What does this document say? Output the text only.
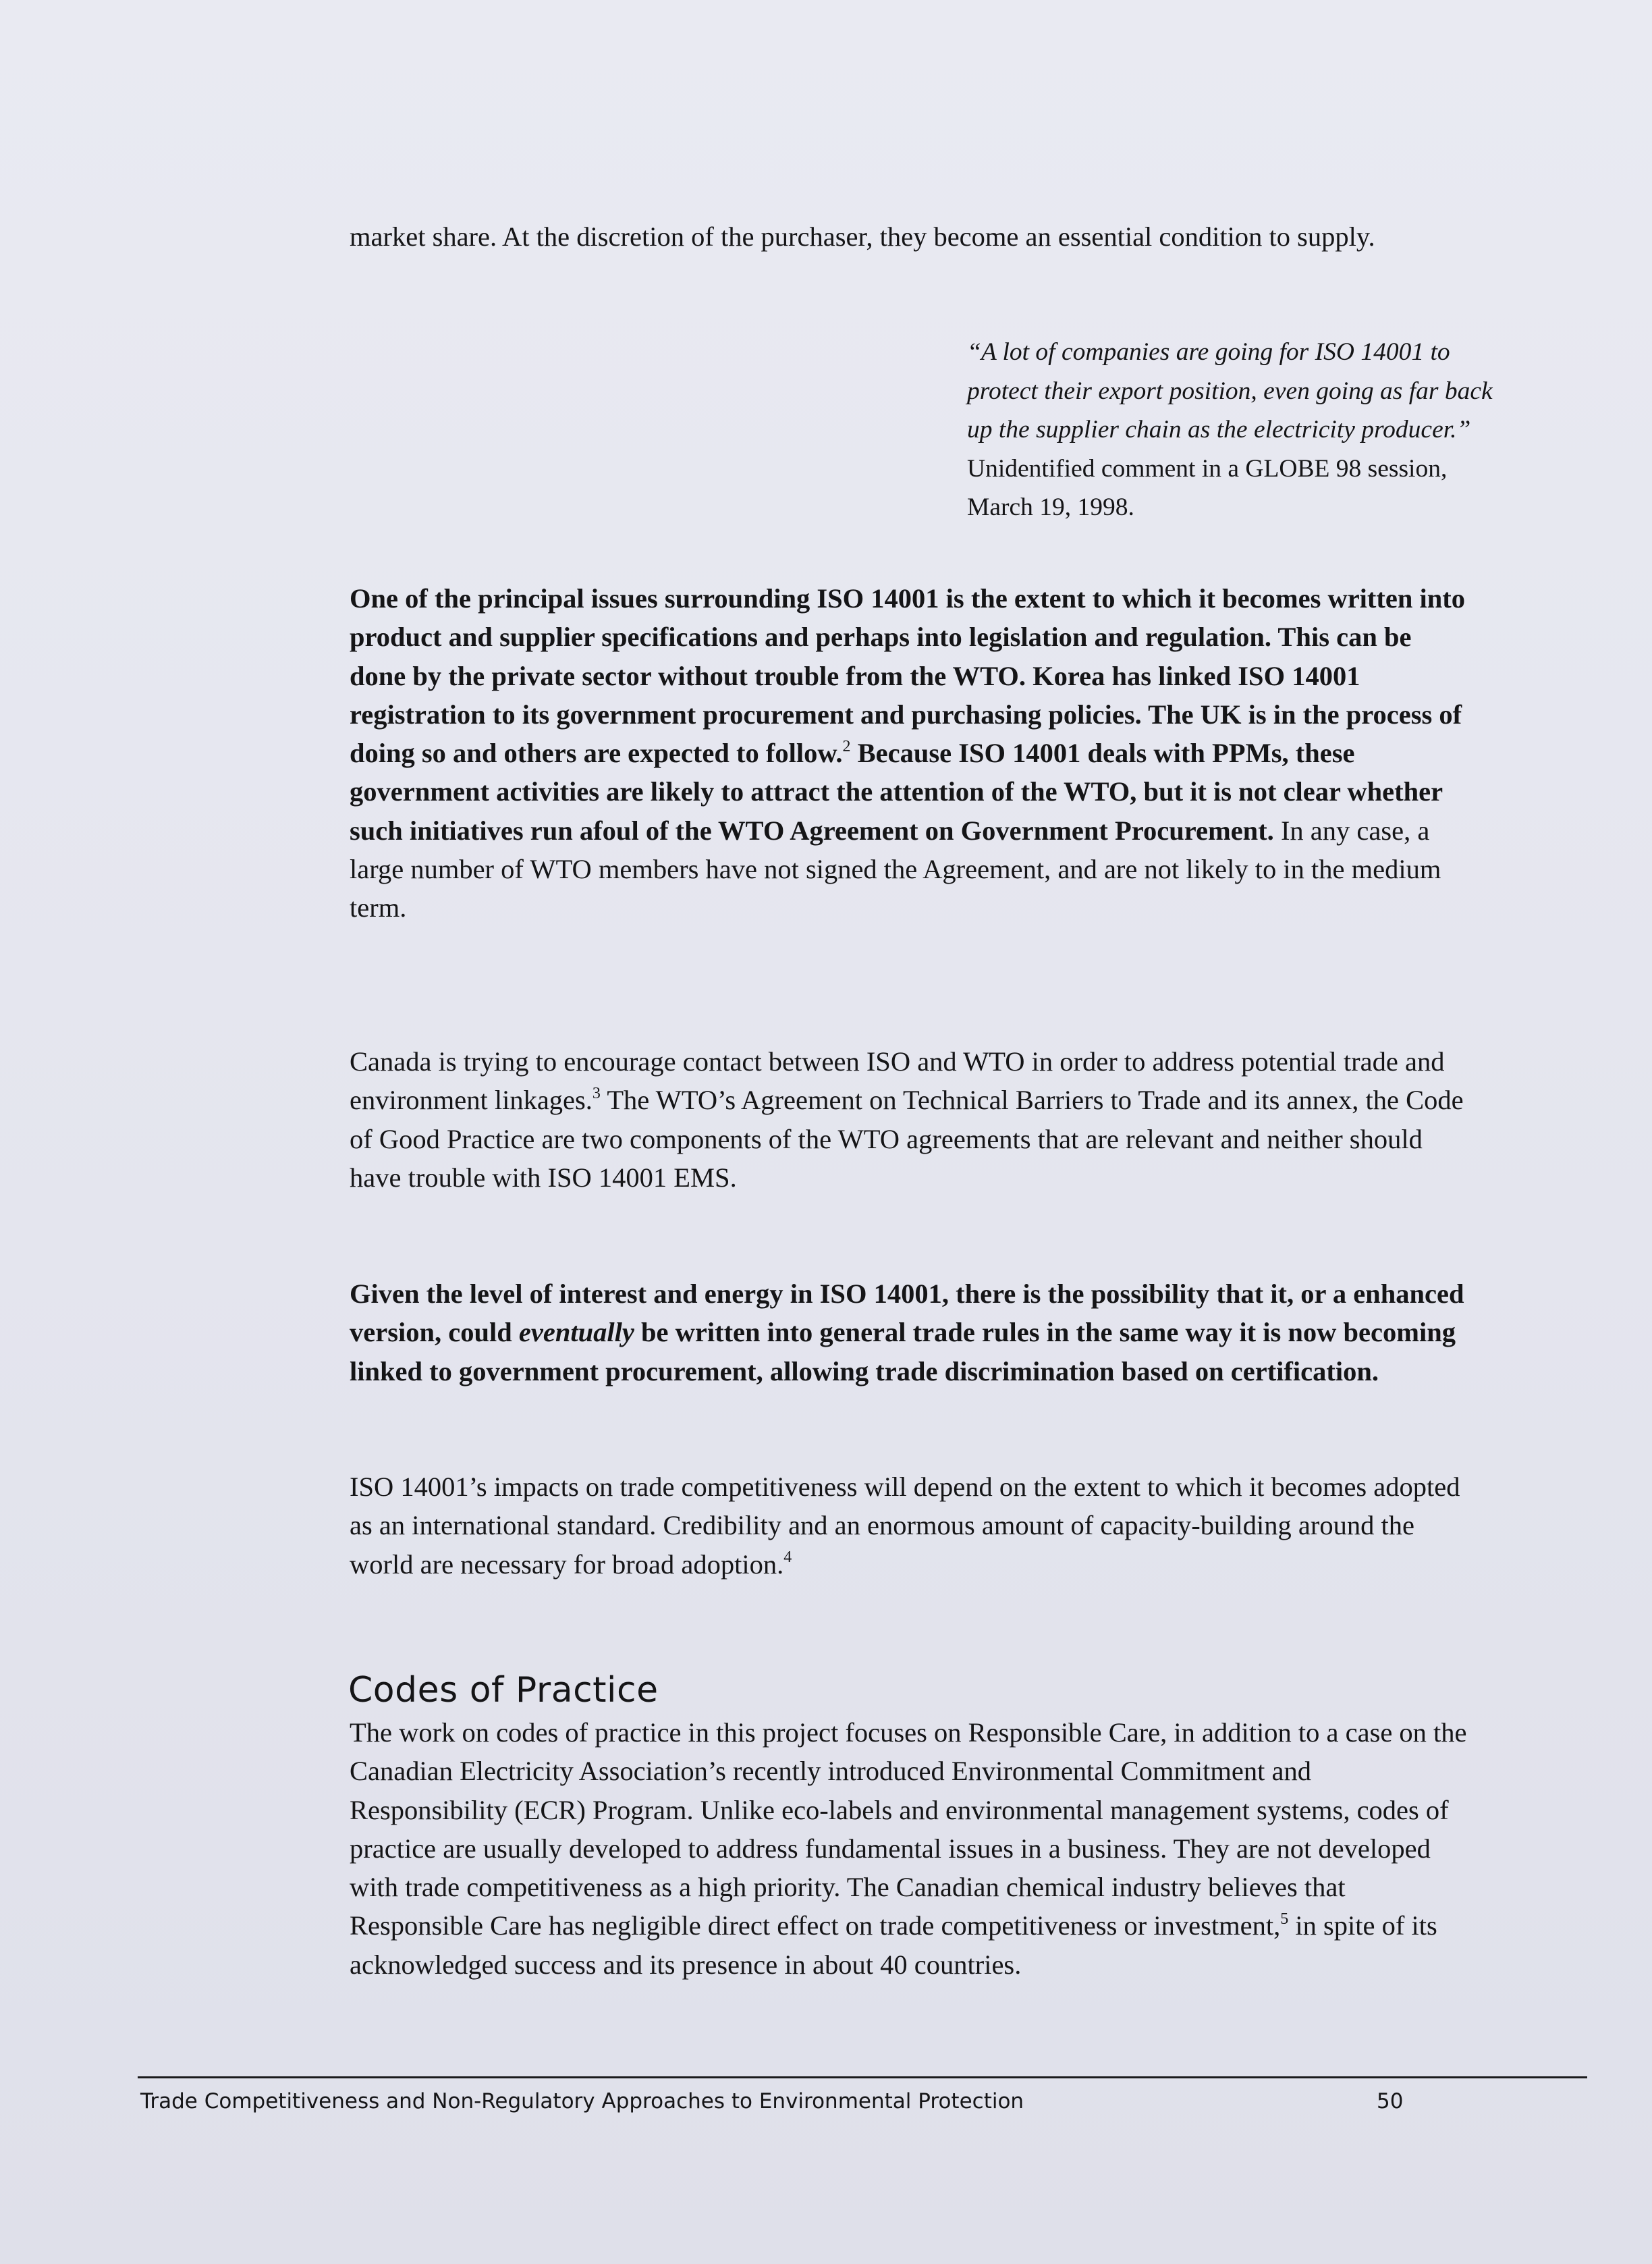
market share. At the discretion of the purchaser, they become an essential condition to supply.

“A lot of companies are going for ISO 14001 to protect their export position, even going as far back up the supplier chain as the electricity producer.”
Unidentified comment in a GLOBE 98 session, March 19, 1998.

One of the principal issues surrounding ISO 14001 is the extent to which it becomes written into product and supplier specifications and perhaps into legislation and regulation. This can be done by the private sector without trouble from the WTO. Korea has linked ISO 14001 registration to its government procurement and purchasing policies. The UK is in the process of doing so and others are expected to follow.$^2$ Because ISO 14001 deals with PPMs, these government activities are likely to attract the attention of the WTO, but it is not clear whether such initiatives run afoul of the WTO Agreement on Government Procurement. In any case, a large number of WTO members have not signed the Agreement, and are not likely to in the medium term.

Canada is trying to encourage contact between ISO and WTO in order to address potential trade and environment linkages.$^3$ The WTO’s Agreement on Technical Barriers to Trade and its annex, the Code of Good Practice are two components of the WTO agreements that are relevant and neither should have trouble with ISO 14001 EMS.

Given the level of interest and energy in ISO 14001, there is the possibility that it, or a enhanced version, could eventually be written into general trade rules in the same way it is now becoming linked to government procurement, allowing trade discrimination based on certification.

ISO 14001’s impacts on trade competitiveness will depend on the extent to which it becomes adopted as an international standard. Credibility and an enormous amount of capacity-building around the world are necessary for broad adoption.$^4$

Codes of Practice

The work on codes of practice in this project focuses on Responsible Care, in addition to a case on the Canadian Electricity Association’s recently introduced Environmental Commitment and Responsibility (ECR) Program. Unlike eco-labels and environmental management systems, codes of practice are usually developed to address fundamental issues in a business. They are not developed with trade competitiveness as a high priority. The Canadian chemical industry believes that Responsible Care has negligible direct effect on trade competitiveness or investment,$^5$ in spite of its acknowledged success and its presence in about 40 countries.

Trade Competitiveness and Non-Regulatory Approaches to Environmental Protection	50
